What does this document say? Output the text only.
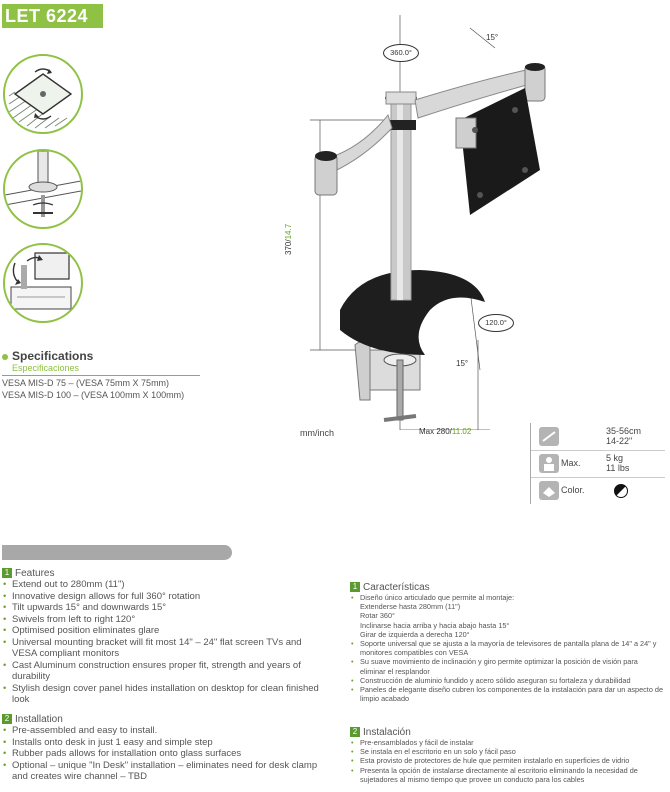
LET 6224
360.0°
15°
120.0°
15°
370/14.7
Max 280/11.02
mm/inch
Specifications
Especificaciones
VESA MIS-D 75 – (VESA 75mm X 75mm)
VESA MIS-D 100 – (VESA 100mm X 100mm)
35-56cm
14-22"
Max.	5 kg
11 lbs
Color.
1 Features
• Extend out to 280mm (11")
• Innovative design allows for full 360° rotation
• Tilt upwards 15° and downwards 15°
• Swivels from left to right 120°
• Optimised position eliminates glare
• Universal mounting bracket will fit most 14" – 24" flat screen TVs and VESA compliant monitors
• Cast Aluminum construction ensures proper fit, strength and years of durability
• Stylish design cover panel hides installation on desktop for clean finished look
2 Installation
• Pre-assembled and easy to install.
• Installs onto desk in just 1 easy and simple step
• Rubber pads allows for installation onto glass surfaces
• Optional – unique "In Desk" installation – eliminates need for desk clamp and creates wire channel – TBD
1 Características
• Diseño único articulado que permite al montaje:
Extenderse hasta 280mm (11")
Rotar 360°
Inclinarse hacia arriba y hacia abajo hasta 15°
Girar de izquierda a derecha 120°
• Soporte universal que se ajusta a la mayoría de televisores de pantalla plana de 14" a 24" y monitores compatibles con VESA
• Su suave movimiento de inclinación y giro permite optimizar la posición de visión para eliminar el resplandor
• Construcción de aluminio fundido y acero sólido aseguran su fortaleza y durabilidad
• Paneles de elegante diseño cubren los componentes de la instalación para dar un aspecto de limpio acabado
2 Instalación
• Pre-ensamblados y fácil de instalar
• Se instala en el escritorio en un solo y fácil paso
• Esta provisto de protectores de hule que permiten instalarlo en superficies de vidrio
• Presenta la opción de instalarse directamente al escritorio eliminando la necesidad de sujetadores al mismo tiempo que provee un conducto para los cables
